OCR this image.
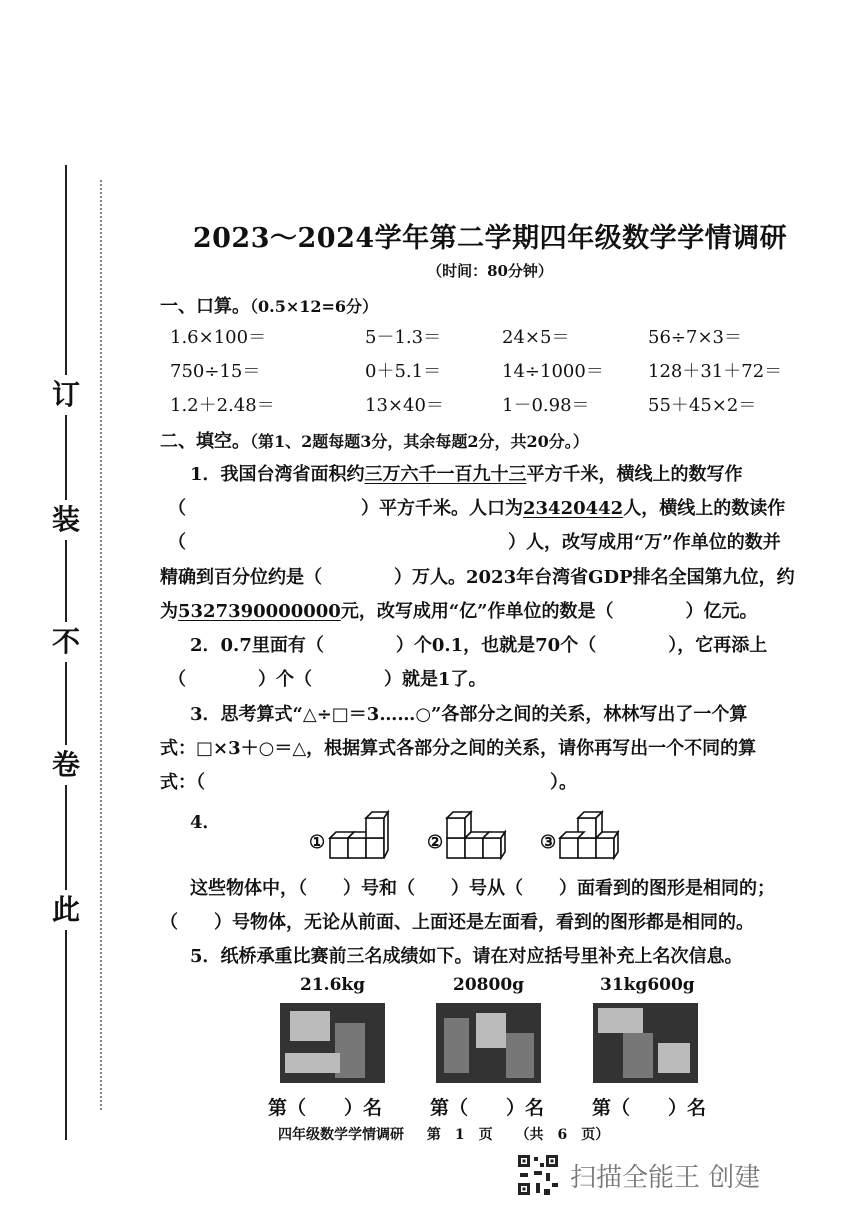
订
装
不
卷
此
2023～2024学年第二学期四年级数学学情调研
（时间：80分钟）
一、口算。（0.5×12=6分）
1.6×100＝	5－1.3＝	24×5＝	56÷7×3＝
750÷15＝	0＋5.1＝	14÷1000＝ 128＋31＋72＝
1.2＋2.48＝	13×40＝	1－0.98＝	55＋45×2＝
二、填空。（第1、2题每题3分，其余每题2分，共20分。）
1．我国台湾省面积约三万六千一百九十三平方千米，横线上的数写作
（	）平方千米。人口为23420442人，横线上的数读作
（	）人，改写成用“万”作单位的数并
精确到百分位约是（　　　　）万人。2023年台湾省GDP排名全国第九位，约
为5327390000000元，改写成用“亿”作单位的数是（　　　　）亿元。
2．0.7里面有（　　　　）个0.1，也就是70个（　　　　），它再添上
（　　　　）个（　　　　）就是1了。
3．思考算式“△÷□＝3……○”各部分之间的关系，林林写出了一个算
式：□×3＋○＝△，根据算式各部分之间的关系，请你再写出一个不同的算
式：（	）。
4．
①	②	③
这些物体中，（　　）号和（　　）号从（　　）面看到的图形是相同的；
（　　）号物体，无论从前面、上面还是左面看，看到的图形都是相同的。
5．纸桥承重比赛前三名成绩如下。请在对应括号里补充上名次信息。
21.6kg	20800g	31kg600g
第（　　）名	第（　　）名	第（　　）名
四年级数学学情调研 第　1　页 （共　6　页）
扫描全能王 创建
